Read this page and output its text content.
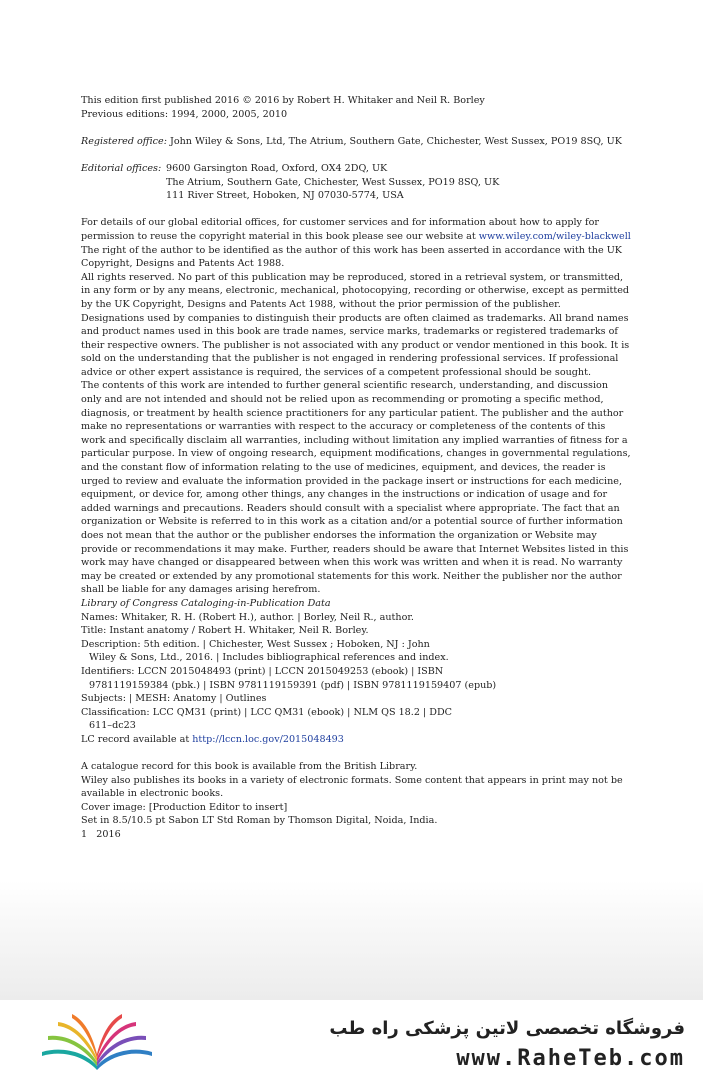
This edition first published 2016 © 2016 by Robert H. Whitaker and Neil R. Borley

Previous editions: 1994, 2000, 2005, 2010

Registered office: John Wiley & Sons, Ltd, The Atrium, Southern Gate, Chichester, West Sussex, PO19 8SQ, UK
Editorial offices: 9600 Garsington Road, Oxford, OX4 2DQ, UK

The Atrium, Southern Gate, Chichester, West Sussex, PO19 8SQ, UK

111 River Street, Hoboken, NJ 07030-5774, USA

For details of our global editorial offices, for customer services and for information about how to apply for permission to reuse the copyright material in this book please see our website at www.wiley.com/wiley-blackwell

The right of the author to be identified as the author of this work has been asserted in accordance with the UK Copyright, Designs and Patents Act 1988.

All rights reserved. No part of this publication may be reproduced, stored in a retrieval system, or transmitted, in any form or by any means, electronic, mechanical, photocopying, recording or otherwise, except as permitted by the UK Copyright, Designs and Patents Act 1988, without the prior permission of the publisher.

Designations used by companies to distinguish their products are often claimed as trademarks. All brand names and product names used in this book are trade names, service marks, trademarks or registered trademarks of their respective owners. The publisher is not associated with any product or vendor mentioned in this book. It is sold on the understanding that the publisher is not engaged in rendering professional services. If professional advice or other expert assistance is required, the services of a competent professional should be sought.

The contents of this work are intended to further general scientific research, understanding, and discussion only and are not intended and should not be relied upon as recommending or promoting a specific method, diagnosis, or treatment by health science practitioners for any particular patient. The publisher and the author make no representations or warranties with respect to the accuracy or completeness of the contents of this work and specifically disclaim all warranties, including without limitation any implied warranties of fitness for a particular purpose. In view of ongoing research, equipment modifications, changes in governmental regulations, and the constant flow of information relating to the use of medicines, equipment, and devices, the reader is urged to review and evaluate the information provided in the package insert or instructions for each medicine, equipment, or device for, among other things, any changes in the instructions or indication of usage and for added warnings and precautions. Readers should consult with a specialist where appropriate. The fact that an organization or Website is referred to in this work as a citation and/or a potential source of further information does not mean that the author or the publisher endorses the information the organization or Website may provide or recommendations it may make. Further, readers should be aware that Internet Websites listed in this work may have changed or disappeared between when this work was written and when it is read. No warranty may be created or extended by any promotional statements for this work. Neither the publisher nor the author shall be liable for any damages arising herefrom.

Library of Congress Cataloging-in-Publication Data

Names: Whitaker, R. H. (Robert H.), author. | Borley, Neil R., author.

Title: Instant anatomy / Robert H. Whitaker, Neil R. Borley.

Description: 5th edition. | Chichester, West Sussex ; Hoboken, NJ : John

Wiley & Sons, Ltd., 2016. | Includes bibliographical references and index.

Identifiers: LCCN 2015048493 (print) | LCCN 2015049253 (ebook) | ISBN

9781119159384 (pbk.) | ISBN 9781119159391 (pdf) | ISBN 9781119159407 (epub)

Subjects: | MESH: Anatomy | Outlines

Classification: LCC QM31 (print) | LCC QM31 (ebook) | NLM QS 18.2 | DDC

611–dc23

LC record available at http://lccn.loc.gov/2015048493

A catalogue record for this book is available from the British Library.

Wiley also publishes its books in a variety of electronic formats. Some content that appears in print may not be available in electronic books.

Cover image: [Production Editor to insert]

Set in 8.5/10.5 pt Sabon LT Std Roman by Thomson Digital, Noida, India.

1   2016

فروشگاه تخصصی لاتین پزشکی راه طب
www.RaheTeb.com
